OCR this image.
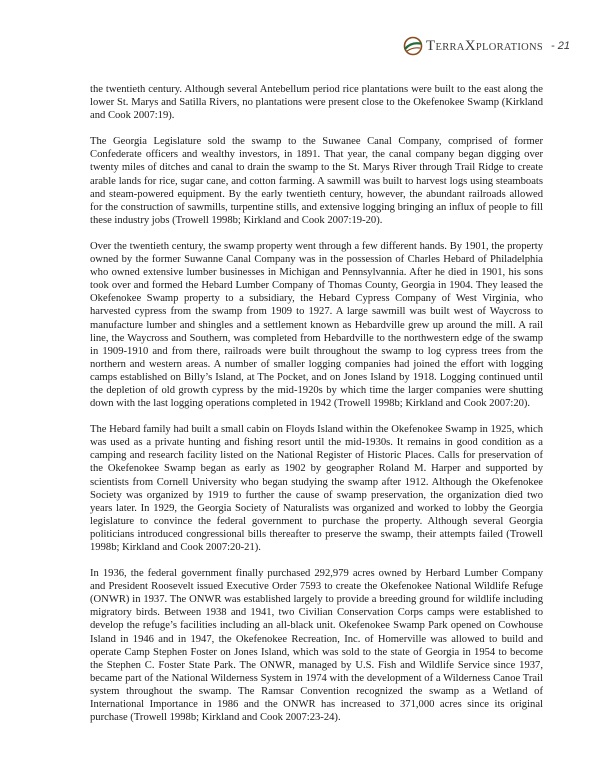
TERRAXPLORATIONS - 21

the twentieth century. Although several Antebellum period rice plantations were built to the east along the lower St. Marys and Satilla Rivers, no plantations were present close to the Okefenokee Swamp (Kirkland and Cook 2007:19).

The Georgia Legislature sold the swamp to the Suwanee Canal Company, comprised of former Confederate officers and wealthy investors, in 1891. That year, the canal company began digging over twenty miles of ditches and canal to drain the swamp to the St. Marys River through Trail Ridge to create arable lands for rice, sugar cane, and cotton farming. A sawmill was built to harvest logs using steamboats and steam-powered equipment. By the early twentieth century, however, the abundant railroads allowed for the construction of sawmills, turpentine stills, and extensive logging bringing an influx of people to fill these industry jobs (Trowell 1998b; Kirkland and Cook 2007:19-20).

Over the twentieth century, the swamp property went through a few different hands. By 1901, the property owned by the former Suwanne Canal Company was in the possession of Charles Hebard of Philadelphia who owned extensive lumber businesses in Michigan and Pennsylvannia. After he died in 1901, his sons took over and formed the Hebard Lumber Company of Thomas County, Georgia in 1904. They leased the Okefenokee Swamp property to a subsidiary, the Hebard Cypress Company of West Virginia, who harvested cypress from the swamp from 1909 to 1927. A large sawmill was built west of Waycross to manufacture lumber and shingles and a settlement known as Hebardville grew up around the mill. A rail line, the Waycross and Southern, was completed from Hebardville to the northwestern edge of the swamp in 1909-1910 and from there, railroads were built throughout the swamp to log cypress trees from the northern and western areas. A number of smaller logging companies had joined the effort with logging camps established on Billy’s Island, at The Pocket, and on Jones Island by 1918. Logging continued until the depletion of old growth cypress by the mid-1920s by which time the larger companies were shutting down with the last logging operations completed in 1942 (Trowell 1998b; Kirkland and Cook 2007:20).

The Hebard family had built a small cabin on Floyds Island within the Okefenokee Swamp in 1925, which was used as a private hunting and fishing resort until the mid-1930s. It remains in good condition as a camping and research facility listed on the National Register of Historic Places. Calls for preservation of the Okefenokee Swamp began as early as 1902 by geographer Roland M. Harper and supported by scientists from Cornell University who began studying the swamp after 1912. Although the Okefenokee Society was organized by 1919 to further the cause of swamp preservation, the organization died two years later. In 1929, the Georgia Society of Naturalists was organized and worked to lobby the Georgia legislature to convince the federal government to purchase the property. Although several Georgia politicians introduced congressional bills thereafter to preserve the swamp, their attempts failed (Trowell 1998b; Kirkland and Cook 2007:20-21).

In 1936, the federal government finally purchased 292,979 acres owned by Herbard Lumber Company and President Roosevelt issued Executive Order 7593 to create the Okefenokee National Wildlife Refuge (ONWR) in 1937. The ONWR was established largely to provide a breeding ground for wildlife including migratory birds. Between 1938 and 1941, two Civilian Conservation Corps camps were established to develop the refuge’s facilities including an all-black unit. Okefenokee Swamp Park opened on Cowhouse Island in 1946 and in 1947, the Okefenokee Recreation, Inc. of Homerville was allowed to build and operate Camp Stephen Foster on Jones Island, which was sold to the state of Georgia in 1954 to become the Stephen C. Foster State Park. The ONWR, managed by U.S. Fish and Wildlife Service since 1937, became part of the National Wilderness System in 1974 with the development of a Wilderness Canoe Trail system throughout the swamp. The Ramsar Convention recognized the swamp as a Wetland of International Importance in 1986 and the ONWR has increased to 371,000 acres since its original purchase (Trowell 1998b; Kirkland and Cook 2007:23-24).
